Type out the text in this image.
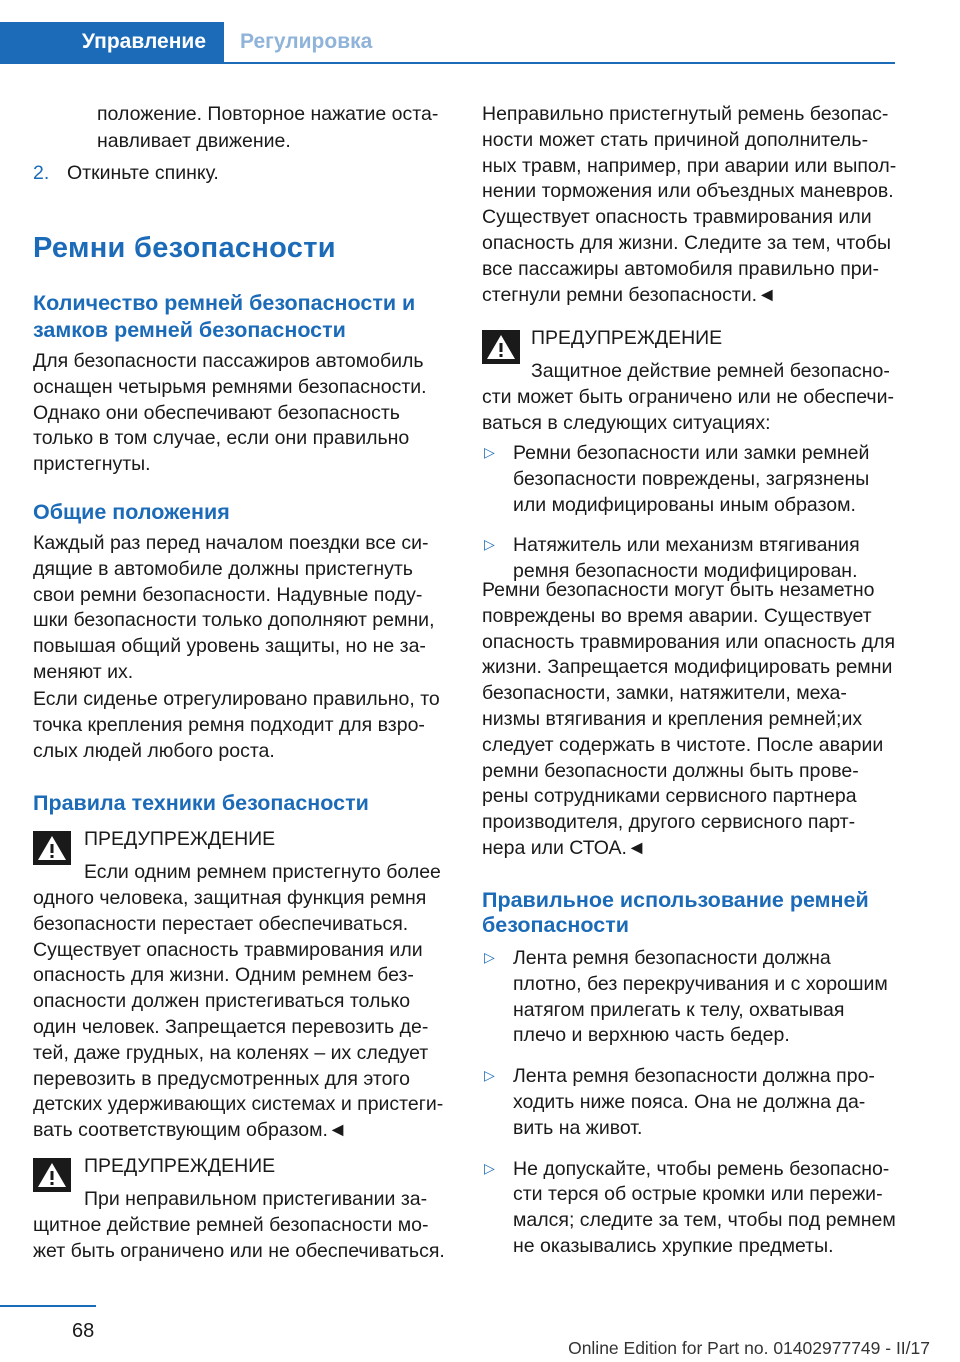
Управление Регулировка
положение. Повторное нажатие оста-
навливает движение.
2. Откиньте спинку.
Ремни безопасности
Количество ремней безопасности и
замков ремней безопасности
Для безопасности пассажиров автомобиль
оснащен четырьмя ремнями безопасности.
Однако они обеспечивают безопасность
только в том случае, если они правильно
пристегнуты.
Общие положения
Каждый раз перед началом поездки все си-
дящие в автомобиле должны пристегнуть
свои ремни безопасности. Надувные поду-
шки безопасности только дополняют ремни,
повышая общий уровень защиты, но не за-
меняют их.
Если сиденье отрегулировано правильно, то
точка крепления ремня подходит для взро-
слых людей любого роста.
Правила техники безопасности
ПРЕДУПРЕЖДЕНИЕ
Если одним ремнем пристегнуто более
одного человека, защитная функция ремня
безопасности перестает обеспечиваться.
Существует опасность травмирования или
опасность для жизни. Одним ремнем без-
опасности должен пристегиваться только
один человек. Запрещается перевозить де-
тей, даже грудных, на коленях – их следует
перевозить в предусмотренных для этого
детских удерживающих системах и пристеги-
вать соответствующим образом.◄
ПРЕДУПРЕЖДЕНИЕ
При неправильном пристегивании за-
щитное действие ремней безопасности мо-
жет быть ограничено или не обеспечиваться.
Неправильно пристегнутый ремень безопас-
ности может стать причиной дополнитель-
ных травм, например, при аварии или выпол-
нении торможения или объездных маневров.
Существует опасность травмирования или
опасность для жизни. Следите за тем, чтобы
все пассажиры автомобиля правильно при-
стегнули ремни безопасности.◄
ПРЕДУПРЕЖДЕНИЕ
Защитное действие ремней безопасно-
сти может быть ограничено или не обеспечи-
ваться в следующих ситуациях:
▷ Ремни безопасности или замки ремней
безопасности повреждены, загрязнены
или модифицированы иным образом.
▷ Натяжитель или механизм втягивания
ремня безопасности модифицирован.
Ремни безопасности могут быть незаметно
повреждены во время аварии. Существует
опасность травмирования или опасность для
жизни. Запрещается модифицировать ремни
безопасности, замки, натяжители, меха-
низмы втягивания и крепления ремней;их
следует содержать в чистоте. После аварии
ремни безопасности должны быть прове-
рены сотрудниками сервисного партнера
производителя, другого сервисного парт-
нера или СТОА.◄
Правильное использование ремней
безопасности
▷ Лента ремня безопасности должна
плотно, без перекручивания и с хорошим
натягом прилегать к телу, охватывая
плечо и верхнюю часть бедер.
▷ Лента ремня безопасности должна про-
ходить ниже пояса. Она не должна да-
вить на живот.
▷ Не допускайте, чтобы ремень безопасно-
сти терся об острые кромки или пережи-
мался; следите за тем, чтобы под ремнем
не оказывались хрупкие предметы.
68
Online Edition for Part no. 01402977749 - II/17
